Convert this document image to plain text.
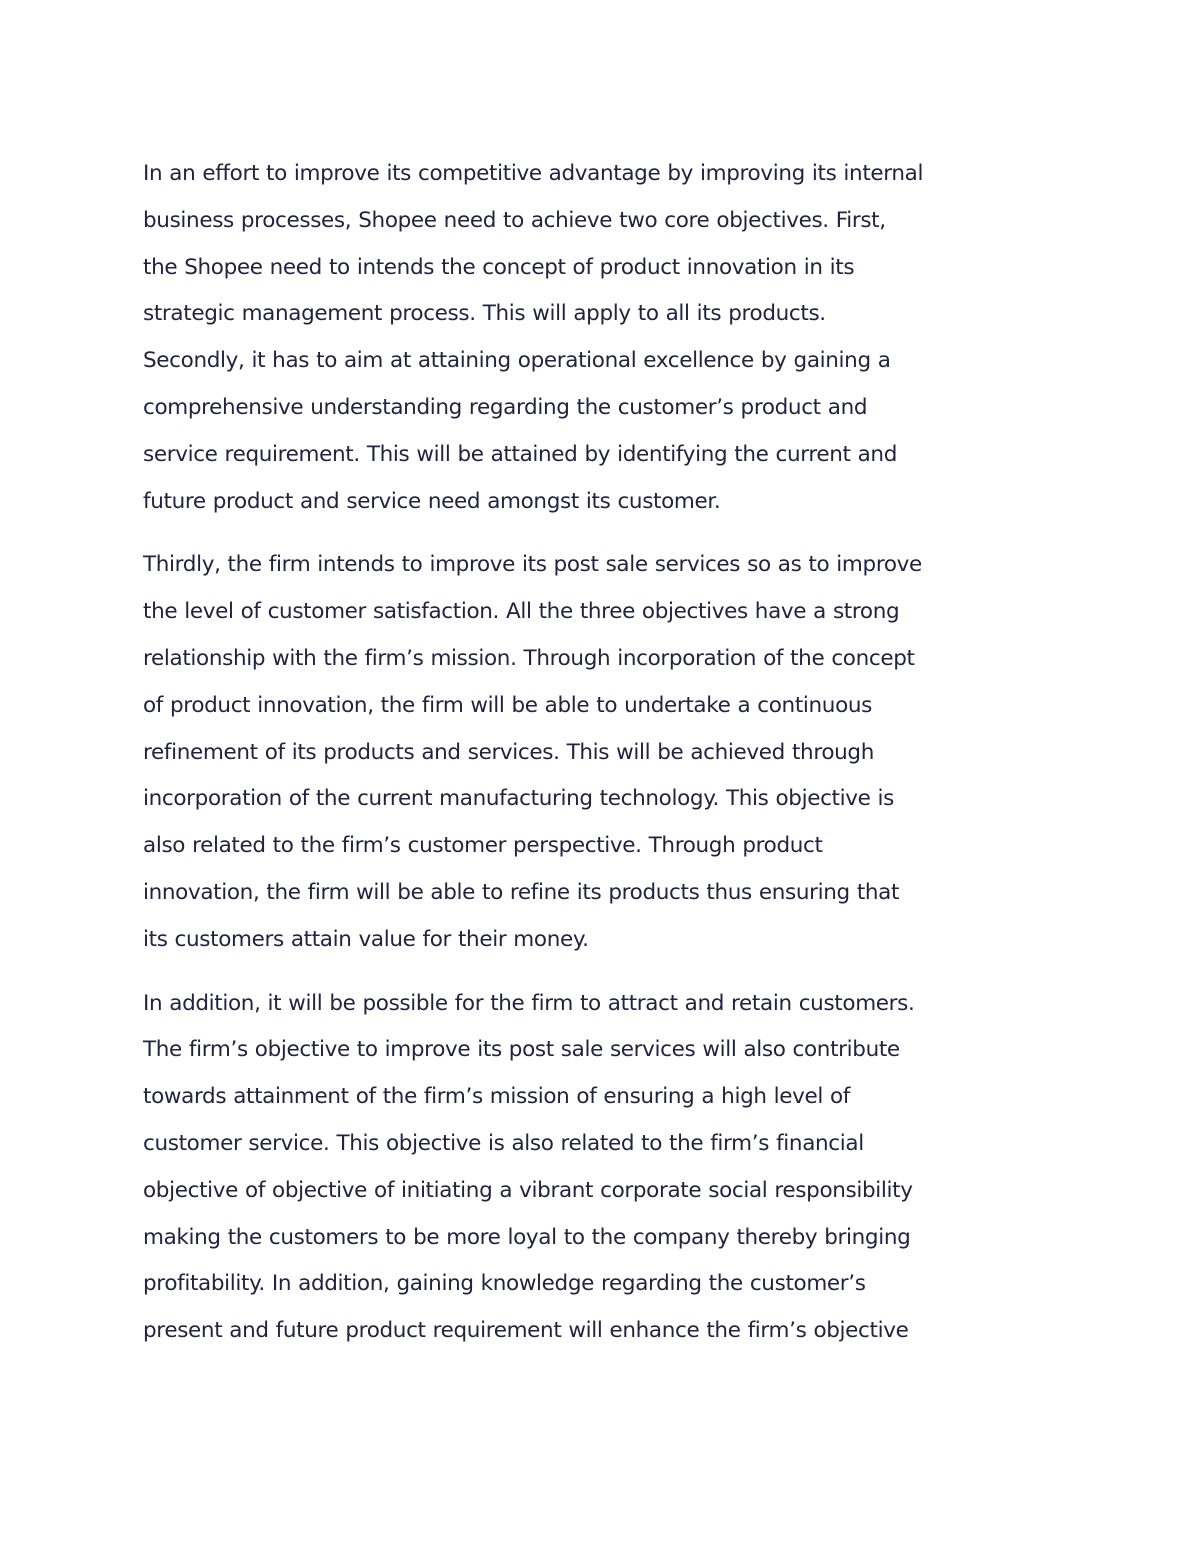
In an effort to improve its competitive advantage by improving its internal
business processes, Shopee need to achieve two core objectives. First,
the Shopee need to intends the concept of product innovation in its
strategic management process. This will apply to all its products.
Secondly, it has to aim at attaining operational excellence by gaining a
comprehensive understanding regarding the customer’s product and
service requirement. This will be attained by identifying the current and
future product and service need amongst its customer.

Thirdly, the firm intends to improve its post sale services so as to improve
the level of customer satisfaction. All the three objectives have a strong
relationship with the firm’s mission. Through incorporation of the concept
of product innovation, the firm will be able to undertake a continuous
refinement of its products and services. This will be achieved through
incorporation of the current manufacturing technology. This objective is
also related to the firm’s customer perspective. Through product
innovation, the firm will be able to refine its products thus ensuring that
its customers attain value for their money.

In addition, it will be possible for the firm to attract and retain customers.
The firm’s objective to improve its post sale services will also contribute
towards attainment of the firm’s mission of ensuring a high level of
customer service. This objective is also related to the firm’s financial
objective of objective of initiating a vibrant corporate social responsibility
making the customers to be more loyal to the company thereby bringing
profitability. In addition, gaining knowledge regarding the customer’s
present and future product requirement will enhance the firm’s objective
